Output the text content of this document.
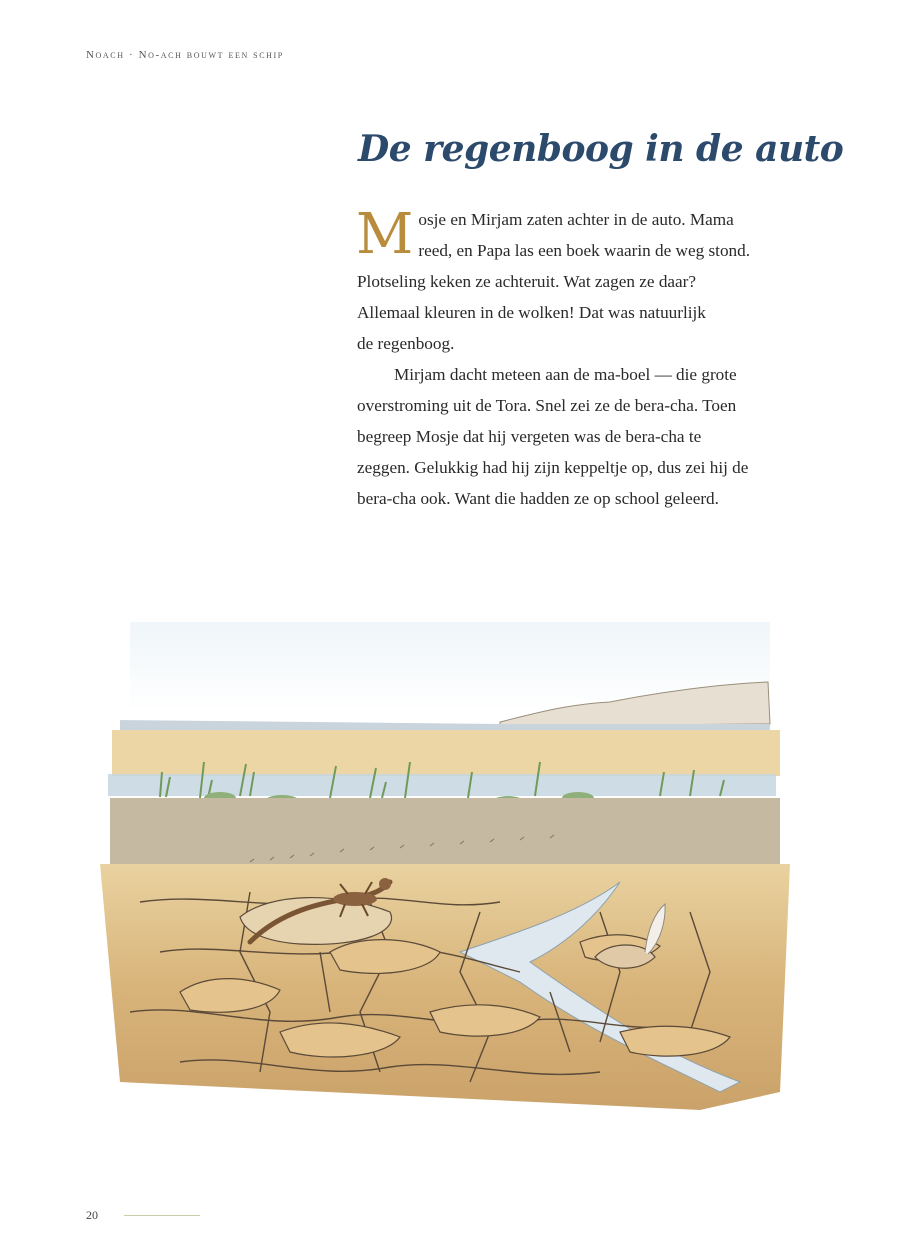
Noach · No-ach bouwt een schip
De regenboog in de auto

M osje en Mirjam zaten achter in de auto. Mama
reed, en Papa las een boek waarin de weg stond.
Plotseling keken ze achteruit. Wat zagen ze daar?
Allemaal kleuren in de wolken! Dat was natuurlijk
de regenboog.

Mirjam dacht meteen aan de ma-boel — die grote
overstroming uit de Tora. Snel zei ze de bera-cha. Toen
begreep Mosje dat hij vergeten was de bera-cha te
zeggen. Gelukkig had hij zijn keppeltje op, dus zei hij de
bera-cha ook. Want die hadden ze op school geleerd.

20
